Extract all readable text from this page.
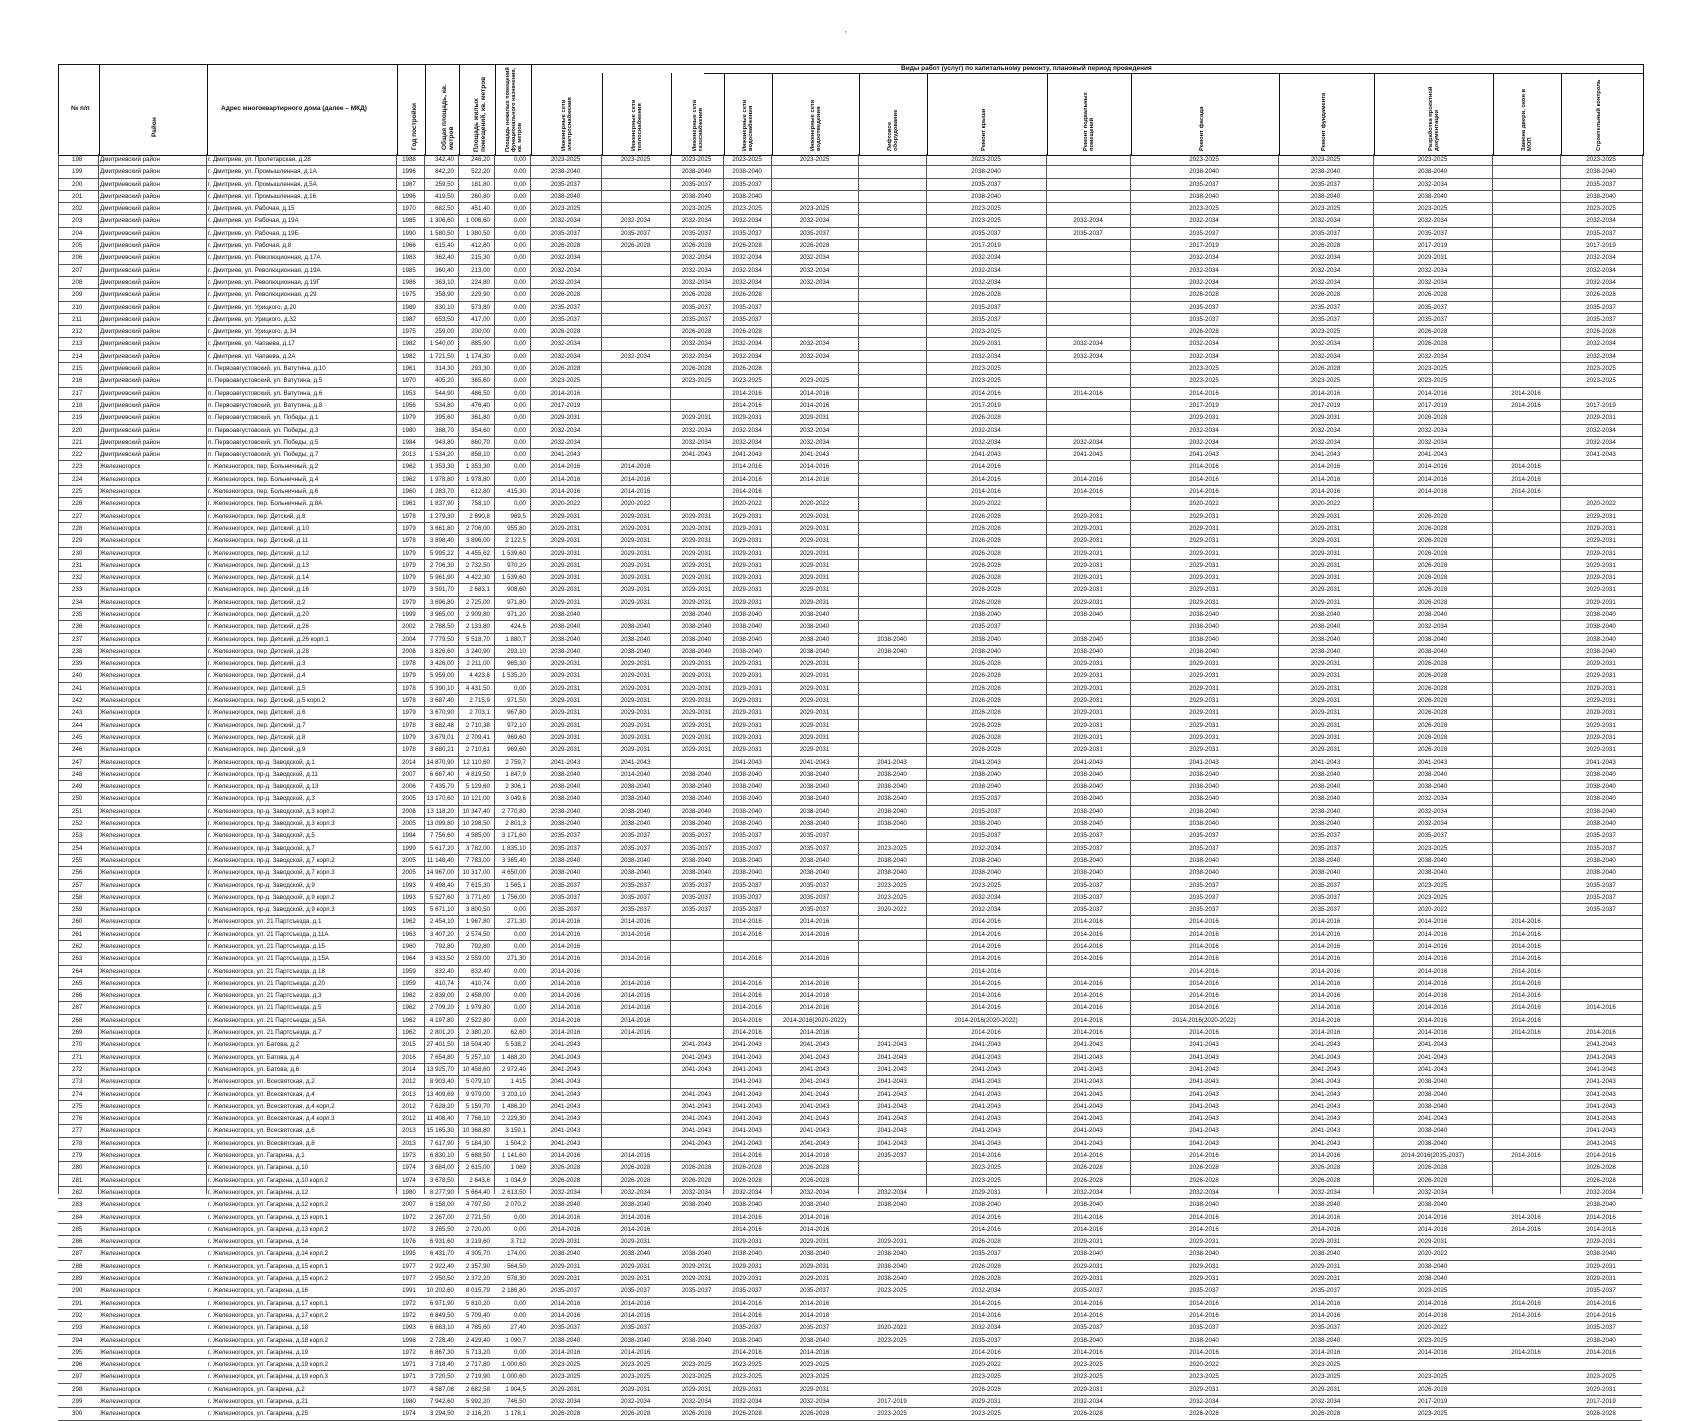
'
№ п/п
Район
Адрес многоквартирного дома (далее – МКД)	Год постройки	Общая площадь, кв. метров	Площадь жилых помещений, кв. метров	Площадь нежилых помещений функционального назначения, кв. метров
Виды работ (услуг) по капитальному ремонту, плановый период проведения
Инженерные сети электроснабжения	Инженерные сети теплоснабжения	Инженерные сети газоснабжения	Инженерные сети водоснабжения	Инженерные сети водоотведения	Лифтовое оборудование	Ремонт крыши	Ремонт подвальных помещений	Ремонт фасада	Ремонт фундамента	Разработка проектной документации	Замена двери, окон в МОП	Строительный контроль
198	Дмитриевский район	г. Дмитриев, ул. Пролетарская, д.28	1988	342,40	246,20	0,00	2023-2025	2023-2025	2023-2025	2023-2025	2023-2025	2023-2025	2023-2025	2023-2025	2023-2025	2023-2025
199	Дмитриевский район	г. Дмитриев, ул. Промышленная, д.1А	1996	842,20	522,20	0,00	2038-2040	2038-2040	2038-2040	2038-2040	2038-2040	2038-2040	2038-2040	2038-2040
200	Дмитриевский район	г. Дмитриев, ул. Промышленная, д.5А	1987	259,50	181,80	0,00	2035-2037	2035-2037	2035-2037	2035-2037	2035-2037	2035-2037	2032-2034	2035-2037
201	Дмитриевский район	г. Дмитриев, ул. Промышленная, д.16	1996	419,50	260,80	0,00	2038-2040	2038-2040	2038-2040	2038-2040	2038-2040	2038-2040	2038-2040	2038-2040
202	Дмитриевский район	г. Дмитриев, ул. Рабочая, д.15	1970	682,50	451,40	0,00	2023-2025	2023-2025	2023-2025	2023-2025	2023-2025	2023-2025	2023-2025	2023-2025	2023-2025
203	Дмитриевский район	г. Дмитриев, ул. Рабочая, д.19А	1985	1 306,60	1 006,60	0,00	2032-2034	2032-2034	2032-2034	2032-2034	2032-2034	2023-2025	2032-2034	2032-2034	2032-2034	2032-2034	2032-2034
204	Дмитриевский район	г. Дмитриев, ул. Рабочая, д.19Б	1990	1 580,50	1 380,50	0,00	2035-2037	2035-2037	2035-2037	2035-2037	2035-2037	2035-2037	2035-2037	2035-2037	2035-2037	2035-2037	2035-2037
205	Дмитриевский район	г. Дмитриев, ул. Рабочая, д.8	1966	615,40	412,80	0,00	2026-2028	2026-2028	2026-2028	2026-2028	2026-2028	2017-2019	2017-2019	2026-2028	2017-2019	2017-2019
206	Дмитриевский район	г. Дмитриев, ул. Революционная, д.17А	1983	362,40	215,30	0,00	2032-2034	2032-2034	2032-2034	2032-2034	2032-2034	2032-2034	2032-2034	2029-2031	2032-2034
207	Дмитриевский район	г. Дмитриев, ул. Революционная, д.19А	1985	360,40	213,00	0,00	2032-2034	2032-2034	2032-2034	2032-2034	2032-2034	2032-2034	2032-2034	2032-2034	2032-2034
208	Дмитриевский район	г. Дмитриев, ул. Революционная, д.19Г	1986	363,10	224,80	0,00	2032-2034	2032-2034	2032-2034	2032-2034	2032-2034	2032-2034	2032-2034	2032-2034	2032-2034
209	Дмитриевский район	г. Дмитриев, ул. Революционная, д.29	1975	358,90	229,90	0,00	2026-2028	2026-2028	2026-2028	2026-2028	2026-2028	2026-2028	2026-2028	2026-2028
210	Дмитриевский район	г. Дмитриев, ул. Урицкого, д.20	1989	830,10	573,80	0,00	2035-2037	2035-2037	2035-2037	2035-2037	2035-2037	2035-2037	2035-2037	2035-2037
211	Дмитриевский район	г. Дмитриев, ул. Урицкого, д.32	1987	653,50	417,00	0,00	2035-2037	2035-2037	2035-2037	2035-2037	2035-2037	2035-2037	2035-2037	2035-2037
212	Дмитриевский район	г. Дмитриев, ул. Урицкого, д.34	1975	259,00	200,00	0,00	2026-2028	2026-2028	2026-2028	2023-2025	2026-2028	2023-2025	2026-2028	2026-2028
213	Дмитриевский район	г. Дмитриев, ул. Чапаева, д.17	1982	1 540,00	885,90	0,00	2032-2034	2032-2034	2032-2034	2032-2034	2029-2031	2032-2034	2032-2034	2032-2034	2026-2028	2032-2034
214	Дмитриевский район	г. Дмитриев, ул. Чапаева, д.2А	1982	1 721,50	1 174,30	0,00	2032-2034	2032-2034	2032-2034	2032-2034	2032-2034	2032-2034	2032-2034	2032-2034	2032-2034	2032-2034	2032-2034
215	Дмитриевский район	п. Первоавгустовский, ул. Ватутина, д.10	1961	314,30	293,30	0,00	2026-2028	2026-2028	2026-2028	2023-2025	2023-2025	2026-2028	2023-2025	2023-2025
216	Дмитриевский район	п. Первоавгустовский, ул. Ватутина, д.5	1970	405,20	365,60	0,00	2023-2025	2023-2025	2023-2025	2023-2025	2023-2025	2023-2025	2023-2025	2023-2025	2023-2025
217	Дмитриевский район	п. Первоавгустовский, ул. Ватутина, д.6	1953	544,90	486,50	0,00	2014-2016	2014-2016	2014-2016	2014-2016	2014-2016	2014-2016	2014-2016	2014-2016	2014-2016
218	Дмитриевский район	п. Первоавгустовский, ул. Ватутина, д.8	1956	534,80	476,40	0,00	2017-2019	2014-2016	2014-2016	2017-2019	2017-2019	2017-2019	2017-2019	2014-2016	2017-2019
219	Дмитриевский район	п. Первоавгустовский, ул. Победы, д.1	1979	395,60	361,80	0,00	2029-2031	2029-2031	2029-2031	2029-2031	2026-2028	2029-2031	2029-2031	2026-2028	2029-2031
220	Дмитриевский район	п. Первоавгустовский, ул. Победы, д.3	1980	388,70	354,60	0,00	2032-2034	2032-2034	2032-2034	2032-2034	2032-2034	2032-2034	2032-2034	2032-2034	2032-2034
221	Дмитриевский район	п. Первоавгустовский, ул. Победы, д.5	1984	943,80	860,70	0,00	2032-2034	2032-2034	2032-2034	2032-2034	2032-2034	2032-2034	2032-2034	2032-2034	2032-2034	2032-2034
222	Дмитриевский район	п. Первоавгустовский, ул. Победы, д.7	2013	1 534,20	858,10	0,00	2041-2043	2041-2043	2041-2043	2041-2043	2041-2043	2041-2043	2041-2043	2041-2043	2041-2043	2041-2043
223	Железногорск	г. Железногорск, пер. Больничный, д.2	1962	1 353,30	1 353,30	0,00	2014-2016	2014-2016	2014-2016	2014-2016	2014-2016	2014-2016	2014-2016	2014-2016	2014-2016
224	Железногорск	г. Железногорск, пер. Больничный, д.4	1962	1 978,80	1 978,80	0,00	2014-2016	2014-2016	2014-2016	2014-2016	2014-2016	2014-2016	2014-2016	2014-2016	2014-2016	2014-2016
225	Железногорск	г. Железногорск, пер. Больничный, д.6	1960	1 283,70	612,80	415,30	2014-2016	2014-2016	2014-2016	2014-2016	2014-2016	2014-2016	2014-2016	2014-2016	2014-2016
226	Железногорск	г. Железногорск, пер. Больничный, д.8А	1961	1 837,90	758,10	0,00	2020-2022	2020-2022	2020-2022	2020-2022	2020-2022	2020-2022	2020-2022	2020-2022
227	Железногорск	г. Железногорск, пер. Детский, д.8	1978	1 279,30	2 690,8	969,5	2029-2031	2029-2031	2029-2031	2029-2031	2029-2031	2026-2028	2029-2031	2029-2031	2029-2031	2026-2028	2029-2031
228	Железногорск	г. Железногорск, пер. Детский, д.10	1979	3 661,80	2 706,00	955,80	2029-2031	2029-2031	2029-2031	2029-2031	2029-2031	2026-2028	2029-2031	2029-2031	2029-2031	2026-2028	2029-2031
229	Железногорск	г. Железногорск, пер. Детский, д.11	1978	3 898,40	3 896,00	2 122,5	2029-2031	2029-2031	2029-2031	2029-2031	2029-2031	2026-2028	2029-2031	2029-2031	2029-2031	2026-2028	2029-2031
230	Железногорск	г. Железногорск, пер. Детский, д.12	1979	5 995,22	4 455,62	1 539,60	2029-2031	2029-2031	2029-2031	2029-2031	2029-2031	2026-2028	2029-2031	2029-2031	2029-2031	2026-2028	2029-2031
231	Железногорск	г. Железногорск, пер. Детский, д.13	1979	2 706,30	2 732,50	970,20	2029-2031	2029-2031	2029-2031	2029-2031	2029-2031	2026-2028	2029-2031	2029-2031	2029-2031	2026-2028	2029-2031
232	Железногорск	г. Железногорск, пер. Детский, д.14	1979	5 961,90	4 422,30	1 539,60	2029-2031	2029-2031	2029-2031	2029-2031	2029-2031	2026-2028	2029-2031	2029-2031	2029-2031	2026-2028	2029-2031
233	Железногорск	г. Железногорск, пер. Детский, д.16	1979	3 591,70	2 683,1	908,60	2029-2031	2029-2031	2029-2031	2029-2031	2029-2031	2026-2028	2029-2031	2029-2031	2029-2031	2026-2028	2029-2031
234	Железногорск	г. Железногорск, пер. Детский, д.2	1979	3 696,80	2 725,00	971,80	2029-2031	2029-2031	2029-2031	2029-2031	2029-2031	2026-2028	2029-2031	2029-2031	2029-2031	2026-2028	2029-2031
235	Железногорск	г. Железногорск, пер. Детский, д.20	1999	3 965,00	2 909,80	971,20	2038-2040	2038-2040	2038-2040	2038-2040	2038-2040	2038-2040	2038-2040	2038-2040	2038-2040	2038-2040
236	Железногорск	г. Железногорск, пер. Детский, д.26	2002	2 788,50	2 133,80	424,6	2038-2040	2038-2040	2038-2040	2038-2040	2038-2040	2035-2037	2038-2040	2038-2040	2032-2034	2038-2040
237	Железногорск	г. Железногорск, пер. Детский, д.26 корп.1	2004	7 779,50	5 518,70	1 880,7	2038-2040	2038-2040	2038-2040	2038-2040	2038-2040	2038-2040	2038-2040	2038-2040	2038-2040	2038-2040	2038-2040	2038-2040
238	Железногорск	г. Железногорск, пер. Детский, д.28	2006	3 826,60	3 240,90	293,10	2038-2040	2038-2040	2038-2040	2038-2040	2038-2040	2038-2040	2038-2040	2038-2040	2038-2040	2038-2040	2038-2040	2038-2040
239	Железногорск	г. Железногорск, пер. Детский, д.3	1978	3 426,00	2 211,00	965,30	2029-2031	2029-2031	2029-2031	2029-2031	2029-2031	2026-2028	2029-2031	2029-2031	2029-2031	2026-2028	2029-2031
240	Железногорск	г. Железногорск, пер. Детский, д.4	1979	5 959,00	4 423,8	1 535,20	2029-2031	2029-2031	2029-2031	2029-2031	2029-2031	2026-2028	2029-2031	2029-2031	2029-2031	2026-2028	2029-2031
241	Железногорск	г. Железногорск, пер. Детский, д.5	1978	5 390,10	4 431,50	0,00	2029-2031	2029-2031	2029-2031	2029-2031	2029-2031	2026-2028	2029-2031	2029-2031	2029-2031	2026-2028	2029-2031
242	Железногорск	г. Железногорск, пер. Детский, д.5 корп.2	1978	3 687,40	2 715,9	971,50	2029-2031	2029-2031	2029-2031	2029-2031	2029-2031	2026-2028	2029-2031	2029-2031	2029-2031	2026-2028	2029-2031
243	Железногорск	г. Железногорск, пер. Детский, д.6	1979	3 670,90	2 703,1	967,80	2029-2031	2029-2031	2029-2031	2029-2031	2029-2031	2026-2028	2029-2031	2029-2031	2029-2031	2026-2028	2029-2031
244	Железногорск	г. Железногорск, пер. Детский, д.7	1978	3 682,48	2 710,38	972,10	2029-2031	2029-2031	2029-2031	2029-2031	2029-2031	2026-2028	2029-2031	2029-2031	2029-2031	2026-2028	2029-2031
245	Железногорск	г. Железногорск, пер. Детский, д.8	1979	3 679,01	2 709,41	969,60	2029-2031	2029-2031	2029-2031	2029-2031	2029-2031	2026-2028	2029-2031	2029-2031	2029-2031	2026-2028	2029-2031
246	Железногорск	г. Железногорск, пер. Детский, д.9	1978	3 680,21	2 710,61	969,60	2029-2031	2029-2031	2029-2031	2029-2031	2029-2031	2026-2028	2029-2031	2029-2031	2029-2031	2026-2028	2029-2031
247	Железногорск	г. Железногорск, пр-д. Заводской, д.1	2014	14 870,90	12 110,60	2 759,7	2041-2043	2041-2043	2041-2043	2041-2043	2041-2043	2041-2043	2041-2043	2041-2043	2041-2043	2041-2043	2041-2043
248	Железногорск	г. Железногорск, пр-д. Заводской, д.11	2007	6 667,40	4 819,50	1 847,9	2038-2040	2014-2040	2038-2040	2038-2040	2038-2040	2038-2040	2038-2040	2038-2040	2038-2040	2038-2040	2038-2040	2038-2040
249	Железногорск	г. Железногорск, пр-д. Заводской, д.13	2006	7 435,70	5 129,60	2 306,1	2038-2040	2038-2040	2038-2040	2038-2040	2038-2040	2038-2040	2038-2040	2038-2040	2038-2040	2038-2040	2038-2040	2038-2040
250	Железногорск	г. Железногорск, пр-д. Заводской, д.3	2005	13 170,60	10 121,00	3 049,6	2038-2040	2038-2040	2038-2040	2038-2040	2038-2040	2038-2040	2035-2037	2038-2040	2038-2040	2038-2040	2032-2034	2038-2040
251	Железногорск	г. Железногорск, пр-д. Заводской, д.3 корп.2	2006	13 118,20	10 347,40	2 770,80	2038-2040	2038-2040	2038-2040	2038-2040	2038-2040	2038-2040	2035-2037	2038-2040	2038-2040	2038-2040	2032-2034	2038-2040
252	Железногорск	г. Железногорск, пр-д. Заводской, д.3 корп.3	2005	13 099,80	10 298,50	2 801,3	2038-2040	2038-2040	2038-2040	2038-2040	2038-2040	2038-2040	2038-2040	2038-2040	2038-2040	2038-2040	2032-2034	2038-2040
253	Железногорск	г. Железногорск, пр-д. Заводской, д.5	1994	7 756,60	4 585,00	3 171,60	2035-2037	2035-2037	2035-2037	2035-2037	2035-2037	2035-2037	2035-2037	2035-2037	2035-2037	2035-2037	2035-2037
254	Железногорск	г. Железногорск, пр-д. Заводской, д.7	1999	5 617,20	3 782,00	1 835,10	2035-2037	2035-2037	2035-2037	2035-2037	2035-2037	2023-2025	2032-2034	2035-2037	2035-2037	2035-2037	2023-2025	2035-2037
255	Железногорск	г. Железногорск, пр-д. Заводской, д.7 корп.2	2005	11 148,40	7 783,00	3 365,40	2038-2040	2038-2040	2038-2040	2038-2040	2038-2040	2038-2040	2038-2040	2038-2040	2038-2040	2038-2040	2038-2040	2038-2040
256	Железногорск	г. Железногорск, пр-д. Заводской, д.7 корп.3	2005	14 967,00	10 317,00	4 650,00	2038-2040	2038-2040	2038-2040	2038-2040	2038-2040	2038-2040	2038-2040	2038-2040	2038-2040	2038-2040	2038-2040	2038-2040
257	Железногорск	г. Железногорск, пр-д. Заводской, д.9	1993	9 498,40	7 615,30	1 565,1	2035-2037	2035-2037	2035-2037	2035-2037	2035-2037	2023-2025	2023-2025	2035-2037	2035-2037	2035-2037	2023-2025	2035-2037
258	Железногорск	г. Железногорск, пр-д. Заводской, д.9 корп.2	1993	5 527,60	3 771,60	1 756,00	2035-2037	2035-2037	2035-2037	2035-2037	2035-2037	2023-2025	2032-2034	2035-2037	2035-2037	2035-2037	2023-2025	2035-2037
259	Железногорск	г. Железногорск, пр-д. Заводской, д.9 корп.3	1993	5 671,10	3 800,50	0,00	2035-2037	2035-2037	2035-2037	2035-2037	2035-2037	2020-2022	2032-2034	2035-2037	2035-2037	2035-2037	2020-2022	2035-2037
260	Железногорск	г. Железногорск, ул. 21 Партсъезда, д.1	1962	2 454,10	1 967,80	271,30	2014-2016	2014-2016	2014-2016	2014-2016	2014-2016	2014-2016	2014-2016	2014-2016	2014-2016	2014-2016
261	Железногорск	г. Железногорск, ул. 21 Партсъезда, д.11А	1963	3 407,20	2 574,50	0,00	2014-2016	2014-2016	2014-2016	2014-2016	2014-2016	2014-2016	2014-2016	2014-2016	2014-2016	2014-2016
262	Железногорск	г. Железногорск, ул. 21 Партсъезда, д.15	1960	792,80	792,80	0,00	2014-2016	2014-2016	2014-2016	2014-2016	2014-2016	2014-2016	2014-2016
263	Железногорск	г. Железногорск, ул. 21 Партсъезда, д.15А	1964	3 433,50	2 559,00	271,30	2014-2016	2014-2016	2014-2016	2014-2016	2014-2016	2014-2016	2014-2016	2014-2016	2014-2016	2014-2016
264	Железногорск	г. Железногорск, ул. 21 Партсъезда, д.18	1959	832,40	832,40	0,00	2014-2016	2014-2016	2014-2016	2014-2016	2014-2016	2014-2016
265	Железногорск	г. Железногорск, ул. 21 Партсъезда, д.20	1959	410,74	410,74	0,00	2014-2016	2014-2016	2014-2016	2014-2016	2014-2016	2014-2016	2014-2016	2014-2016	2014-2016	2014-2016
266	Железногорск	г. Железногорск, ул. 21 Партсъезда, д.3	1962	2 839,00	2 458,00	0,00	2014-2016	2014-2016	2014-2016	2014-2016	2014-2016	2014-2016	2014-2016	2014-2016	2014-2016	2014-2016
267	Железногорск	г. Железногорск, ул. 21 Партсъезда, д.5	1962	2 709,20	1 979,80	0,00	2014-2016	2014-2016	2014-2016	2014-2016	2014-2016	2014-2016	2014-2016	2014-2016	2014-2016	2014-2016	2014-2016
268	Железногорск	г. Железногорск, ул. 21 Партсъезда, д.5А	1962	4 197,80	2 522,80	0,00	2014-2016	2014-2016	2014-2016	2014-2016(2020-2022)	2014-2016(2020-2022)	2014-2016	2014-2016(2020-2022)	2014-2016	2014-2016	2014-2016
269	Железногорск	г. Железногорск, ул. 21 Партсъезда, д.7	1962	2 801,20	2 380,20	62,60	2014-2016	2014-2016	2014-2016	2014-2016	2014-2016	2014-2016	2014-2016	2014-2016	2014-2016	2014-2016	2014-2016
270	Железногорск	г. Железногорск, ул. Батова, д.2	2015	27 401,50	18 504,40	5 538,2	2041-2043	2041-2043	2041-2043	2041-2043	2041-2043	2041-2043	2041-2043	2041-2043	2041-2043	2041-2043	2041-2043
271	Железногорск	г. Железногорск, ул. Батова, д.4	2016	7 654,80	5 257,10	1 488,20	2041-2043	2041-2043	2041-2043	2041-2043	2041-2043	2041-2043	2041-2043	2041-2043	2041-2043	2041-2043	2041-2043
272	Железногорск	г. Железногорск, ул. Батова, д.6	2014	13 925,70	10 458,60	2 972,40	2041-2043	2041-2043	2041-2043	2041-2043	2041-2043	2041-2043	2041-2043	2041-2043	2041-2043	2041-2043	2041-2043
273	Железногорск	г. Железногорск, ул. Всесвятская, д.2	2012	8 903,40	5 079,10	1 415	2041-2043	2041-2043	2041-2043	2041-2043	2041-2043	2041-2043	2041-2043	2041-2043	2038-2040	2041-2043
274	Железногорск	г. Железногорск, ул. Всесвятская, д.4	2013	13 409,69	9 979,00	3 203,10	2041-2043	2041-2043	2041-2043	2041-2043	2041-2043	2041-2043	2041-2043	2041-2043	2041-2043	2038-2040	2041-2043
275	Железногорск	г. Железногорск, ул. Всесвятская, д.4 корп.2	2012	7 628,20	5 159,70	1 486,20	2041-2043	2041-2043	2041-2043	2041-2043	2041-2043	2041-2043	2041-2043	2041-2043	2041-2043	2038-2040	2041-2043
276	Железногорск	г. Железногорск, ул. Всесвятская, д.4 корп.3	2012	11 408,40	7 766,10	2 229,30	2041-2043	2041-2043	2041-2043	2041-2043	2041-2043	2041-2043	2041-2043	2041-2043	2041-2043	2041-2043	2041-2043
277	Железногорск	г. Железногорск, ул. Всесвятская, д.6	2013	15 165,30	10 368,80	3 159,1	2041-2043	2041-2043	2041-2043	2041-2043	2041-2043	2041-2043	2041-2043	2041-2043	2041-2043	2038-2040	2041-2043
278	Железногорск	г. Железногорск, ул. Всесвятская, д.8	2013	7 617,90	5 184,30	1 504,2	2041-2043	2041-2043	2041-2043	2041-2043	2041-2043	2041-2043	2041-2043	2041-2043	2041-2043	2038-2040	2041-2043
279	Железногорск	г. Железногорск, ул. Гагарина, д.1	1973	6 830,10	5 688,50	1 141,60	2014-2016	2014-2016	2014-2016	2014-2016	2035-2037	2014-2016	2014-2016	2014-2016	2014-2016	2014-2016(2035-2037)	2014-2016	2014-2016
280	Железногорск	г. Железногорск, ул. Гагарина, д.10	1974	3 684,00	2 615,00	1 069	2026-2028	2026-2028	2026-2028	2026-2028	2026-2028	2023-2025	2026-2028	2026-2028	2026-2028	2026-2028	2026-2028
281	Железногорск	г. Железногорск, ул. Гагарина, д.10 корп.2	1974	3 678,50	2 643,6	1 034,9	2026-2028	2026-2028	2026-2028	2026-2028	2026-2028	2023-2025	2026-2028	2026-2028	2026-2028	2026-2028	2026-2028
282	Железногорск	г. Железногорск, ул. Гагарина, д.12	1980	8 277,90	5 664,40	2 613,50	2032-2034	2032-2034	2032-2034	2032-2034	2032-2034	2032-2034	2029-2031	2032-2034	2032-2034	2032-2034	2032-2034	2032-2034
283	Железногорск	г. Железногорск, ул. Гагарина, д.12 корп.2	2007	6 158,00	4 797,50	2 070,2	2038-2040	2038-2040	2038-2040	2038-2040	2038-2040	2038-2040	2038-2040	2038-2040	2038-2040	2038-2040	2038-2040	2038-2040
284	Железногорск	г. Железногорск, ул. Гагарина, д.13 корп.1	1972	2 267,00	2 721,50	0,00	2014-2016	2014-2016	2014-2016	2014-2016	2014-2016	2014-2016	2014-2016	2014-2016	2014-2016	2014-2016	2014-2016
285	Железногорск	г. Железногорск, ул. Гагарина, д.13 корп.2	1972	3 265,50	2 720,00	0,00	2014-2016	2014-2016	2014-2016	2014-2016	2014-2016	2014-2016	2014-2016	2014-2016	2014-2016	2014-2016	2014-2016
286	Железногорск	г. Железногорск, ул. Гагарина, д.14	1976	6 931,60	3 219,60	3 712	2029-2031	2029-2031	2029-2031	2029-2031	2029-2031	2026-2028	2029-2031	2029-2031	2029-2031	2029-2031	2029-2031
287	Железногорск	г. Железногорск, ул. Гагарина, д.14 корп.2	1995	6 431,70	4 305,70	174,00	2038-2040	2038-2040	2038-2040	2038-2040	2038-2040	2038-2040	2035-2037	2038-2040	2038-2040	2038-2040	2020-2022	2038-2040
288	Железногорск	г. Железногорск, ул. Гагарина, д.15 корп.1	1977	2 922,40	2 357,90	564,50	2029-2031	2029-2031	2029-2031	2029-2031	2029-2031	2038-2040	2026-2028	2029-2031	2029-2031	2029-2031	2038-2040	2029-2031
289	Железногорск	г. Железногорск, ул. Гагарина, д.15 корп.2	1977	2 950,50	2 372,20	578,30	2029-2031	2029-2031	2029-2031	2029-2031	2029-2031	2038-2040	2026-2028	2029-2031	2029-2031	2029-2031	2038-2040	2029-2031
290	Железногорск	г. Железногорск, ул. Гагарина, д.16	1991	10 202,60	8 015,79	2 186,80	2035-2037	2035-2037	2035-2037	2035-2037	2035-2037	2023-2025	2032-2034	2035-2037	2035-2037	2035-2037	2023-2025	2035-2037
291	Железногорск	г. Железногорск, ул. Гагарина, д.17 корп.1	1972	6 971,90	5 810,20	0,00	2014-2016	2014-2016	2014-2016	2014-2016	2014-2016	2014-2016	2014-2016	2014-2016	2014-2016	2014-2016	2014-2016
292	Железногорск	г. Железногорск, ул. Гагарина, д.17 корп.2	1972	6 849,50	5 709,40	0,00	2014-2016	2014-2016	2014-2016	2014-2016	2014-2016	2014-2016	2014-2016	2014-2016	2014-2016	2014-2016	2014-2016
293	Железногорск	г. Железногорск, ул. Гагарина, д.18	1993	6 663,10	4 785,60	27,40	2035-2037	2035-2037	2035-2037	2035-2037	2020-2022	2032-2034	2035-2037	2035-2037	2035-2037	2020-2022	2035-2037
294	Железногорск	г. Железногорск, ул. Гагарина, д.18 корп.2	1998	2 728,40	2 429,40	1 090,7	2038-2040	2038-2040	2038-2040	2038-2040	2038-2040	2023-2025	2035-2037	2038-2040	2038-2040	2038-2040	2023-2025	2038-2040
295	Железногорск	г. Железногорск, ул. Гагарина, д.19	1972	6 867,30	5 713,20	0,00	2014-2016	2014-2016	2014-2016	2014-2016	2014-2016	2014-2016	2014-2016	2014-2016	2014-2016	2014-2016	2014-2016
296	Железногорск	г. Железногорск, ул. Гагарина, д.19 корп.2	1971	3 718,40	2 717,80	1 000,60	2023-2025	2023-2025	2023-2025	2023-2025	2023-2025	2020-2022	2023-2025	2020-2022	2023-2025
297	Железногорск	г. Железногорск, ул. Гагарина, д.19 корп.3	1971	3 720,50	2 719,90	1 000,60	2023-2025	2023-2025	2023-2025	2023-2025	2023-2025	2023-2025	2023-2025	2023-2025	2023-2025	2023-2025	2023-2025
298	Железногорск	г. Железногорск, ул. Гагарина, д.2	1977	4 587,08	2 682,58	1 904,5	2029-2031	2029-2031	2029-2031	2029-2031	2029-2031	2026-2028	2029-2031	2029-2031	2029-2031	2026-2028	2029-2031
299	Железногорск	г. Железногорск, ул. Гагарина, д.21	1980	7 942,60	5 992,20	746,50	2032-2034	2032-2034	2032-2034	2032-2034	2032-2034	2017-2019	2029-2031	2032-2034	2032-2034	2032-2034	2017-2019	2017-2019
300	Железногорск	г. Железногорск, ул. Гагарина, д.25	1974	3 294,50	2 116,20	1 178,1	2026-2028	2026-2028	2026-2028	2026-2028	2026-2028	2023-2025	2023-2025	2026-2028	2026-2028	2026-2028	2023-2025	2026-2028
